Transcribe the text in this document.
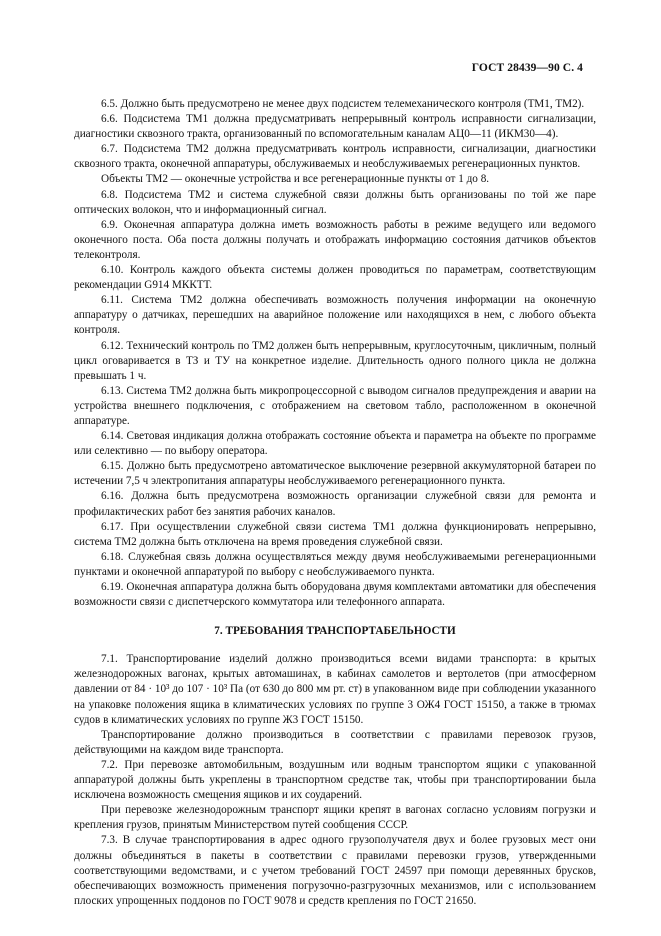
ГОСТ 28439—90 С. 4

6.5. Должно быть предусмотрено не менее двух подсистем телемеханического контроля (ТМ1, ТМ2).

6.6. Подсистема ТМ1 должна предусматривать непрерывный контроль исправности сигнализации, диагностики сквозного тракта, организованный по вспомогательным каналам АЦ0—11 (ИКМ30—4).

6.7. Подсистема ТМ2 должна предусматривать контроль исправности, сигнализации, диагностики сквозного тракта, оконечной аппаратуры, обслуживаемых и необслуживаемых регенерационных пунктов.

Объекты ТМ2 — оконечные устройства и все регенерационные пункты от 1 до 8.

6.8. Подсистема ТМ2 и система служебной связи должны быть организованы по той же паре оптических волокон, что и информационный сигнал.

6.9. Оконечная аппаратура должна иметь возможность работы в режиме ведущего или ведомого оконечного поста. Оба поста должны получать и отображать информацию состояния датчиков объектов телеконтроля.

6.10. Контроль каждого объекта системы должен проводиться по параметрам, соответствующим рекомендации G914 МККТТ.

6.11. Система ТМ2 должна обеспечивать возможность получения информации на оконечную аппаратуру о датчиках, перешедших на аварийное положение или находящихся в нем, с любого объекта контроля.

6.12. Технический контроль по ТМ2 должен быть непрерывным, круглосуточным, цикличным, полный цикл оговаривается в ТЗ и ТУ на конкретное изделие. Длительность одного полного цикла не должна превышать 1 ч.

6.13. Система ТМ2 должна быть микропроцессорной с выводом сигналов предупреждения и аварии на устройства внешнего подключения, с отображением на световом табло, расположенном в оконечной аппаратуре.

6.14. Световая индикация должна отображать состояние объекта и параметра на объекте по программе или селективно — по выбору оператора.

6.15. Должно быть предусмотрено автоматическое выключение резервной аккумуляторной батареи по истечении 7,5 ч электропитания аппаратуры необслуживаемого регенерационного пункта.

6.16. Должна быть предусмотрена возможность организации служебной связи для ремонта и профилактических работ без занятия рабочих каналов.

6.17. При осуществлении служебной связи система ТМ1 должна функционировать непрерывно, система ТМ2 должна быть отключена на время проведения служебной связи.

6.18. Служебная связь должна осуществляться между двумя необслуживаемыми регенерационными пунктами и оконечной аппаратурой по выбору с необслуживаемого пункта.

6.19. Оконечная аппаратура должна быть оборудована двумя комплектами автоматики для обеспечения возможности связи с диспетчерского коммутатора или телефонного аппарата.

7. ТРЕБОВАНИЯ ТРАНСПОРТАБЕЛЬНОСТИ

7.1. Транспортирование изделий должно производиться всеми видами транспорта: в крытых железнодорожных вагонах, крытых автомашинах, в кабинах самолетов и вертолетов (при атмосферном давлении от 84 · 10³ до 107 · 10³ Па (от 630 до 800 мм рт. ст) в упакованном виде при соблюдении указанного на упаковке положения ящика в климатических условиях по группе 3 ОЖ4 ГОСТ 15150, а также в трюмах судов в климатических условиях по группе Ж3 ГОСТ 15150.

Транспортирование должно производиться в соответствии с правилами перевозок грузов, действующими на каждом виде транспорта.

7.2. При перевозке автомобильным, воздушным или водным транспортом ящики с упакованной аппаратурой должны быть укреплены в транспортном средстве так, чтобы при транспортировании была исключена возможность смещения ящиков и их соударений.

При перевозке железнодорожным транспорт ящики крепят в вагонах согласно условиям погрузки и крепления грузов, принятым Министерством путей сообщения СССР.

7.3. В случае транспортирования в адрес одного грузополучателя двух и более грузовых мест они должны объединяться в пакеты в соответствии с правилами перевозки грузов, утвержденными соответствующими ведомствами, и с учетом требований ГОСТ 24597 при помощи деревянных брусков, обеспечивающих возможность применения погрузочно-разгрузочных механизмов, или с использованием плоских упрощенных поддонов по ГОСТ 9078 и средств крепления по ГОСТ 21650.
